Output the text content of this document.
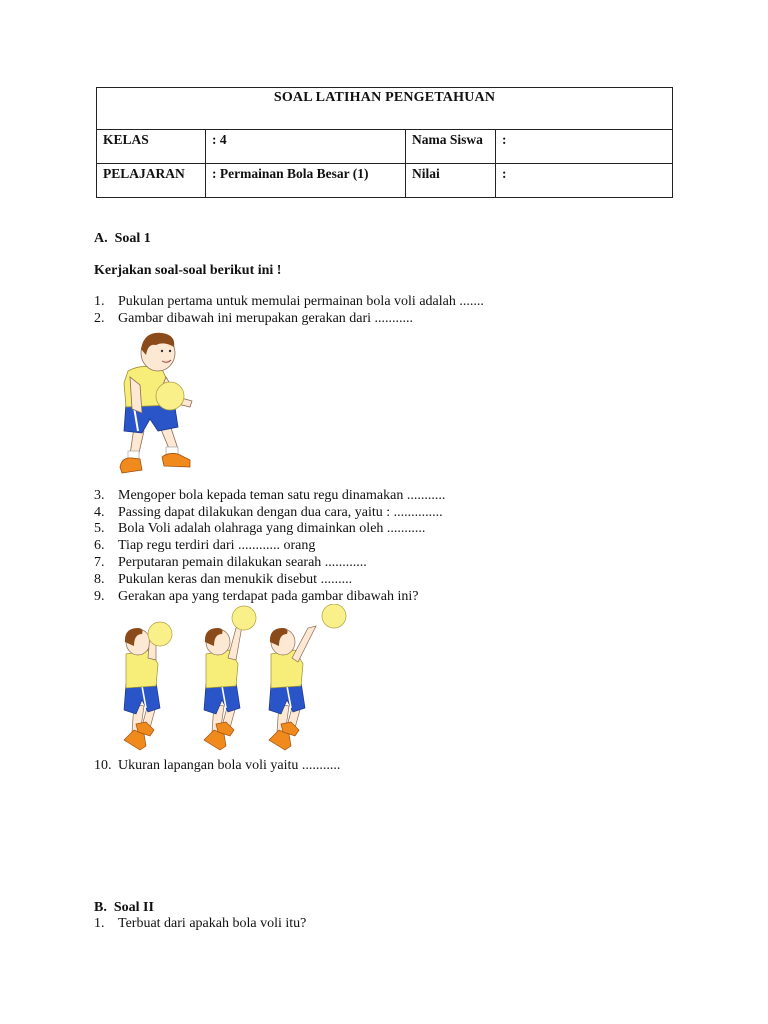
SOAL LATIHAN PENGETAHUAN			
KELAS	: 4	Nama Siswa	:
PELAJARAN	: Permainan Bola Besar (1)	Nilai	:
A.  Soal 1
Kerjakan soal-soal berikut ini !
1. Pukulan pertama untuk memulai permainan bola voli adalah .......
2. Gambar dibawah ini merupakan gerakan dari ...........
3. Mengoper bola kepada teman satu regu dinamakan ...........
4. Passing dapat dilakukan dengan dua cara, yaitu : ..............
5. Bola Voli adalah olahraga yang dimainkan oleh ...........
6. Tiap regu terdiri dari ............ orang
7. Perputaran pemain dilakukan searah ............
8. Pukulan keras dan menukik disebut .........
9. Gerakan apa yang terdapat pada gambar dibawah ini?
10. Ukuran lapangan bola voli yaitu ...........
B.  Soal II
1. Terbuat dari apakah bola voli itu?
